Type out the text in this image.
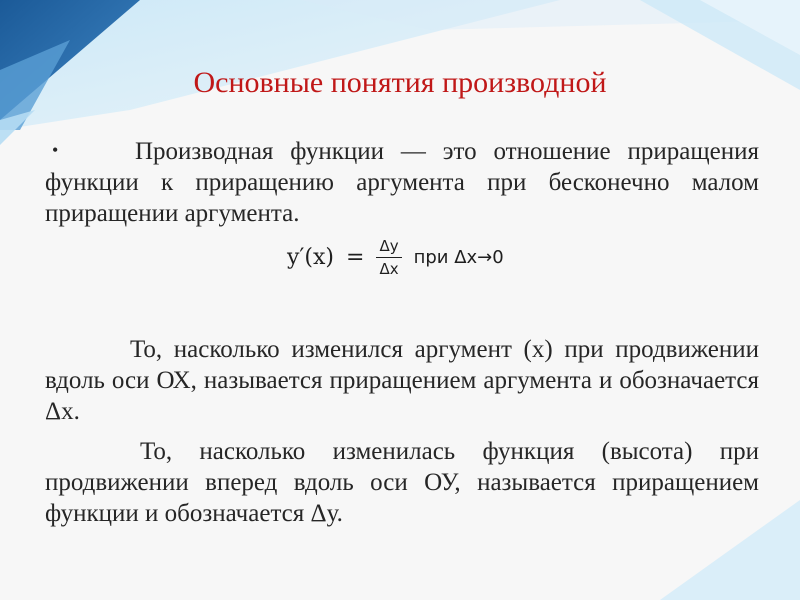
Основные понятия производной
•	Производная функции — это отношение приращения функции к приращению аргумента при бесконечно малом приращении аргумента.
$y'(x) = \frac{\Delta y}{\Delta x}$ при Δx→0
То, насколько изменился аргумент (х) при продвижении вдоль оси ОХ, называется приращением аргумента и обозначается Δх.
То, насколько изменилась функция (высота) при продвижении вперед вдоль оси ОУ, называется приращением функции и обозначается Δу.
